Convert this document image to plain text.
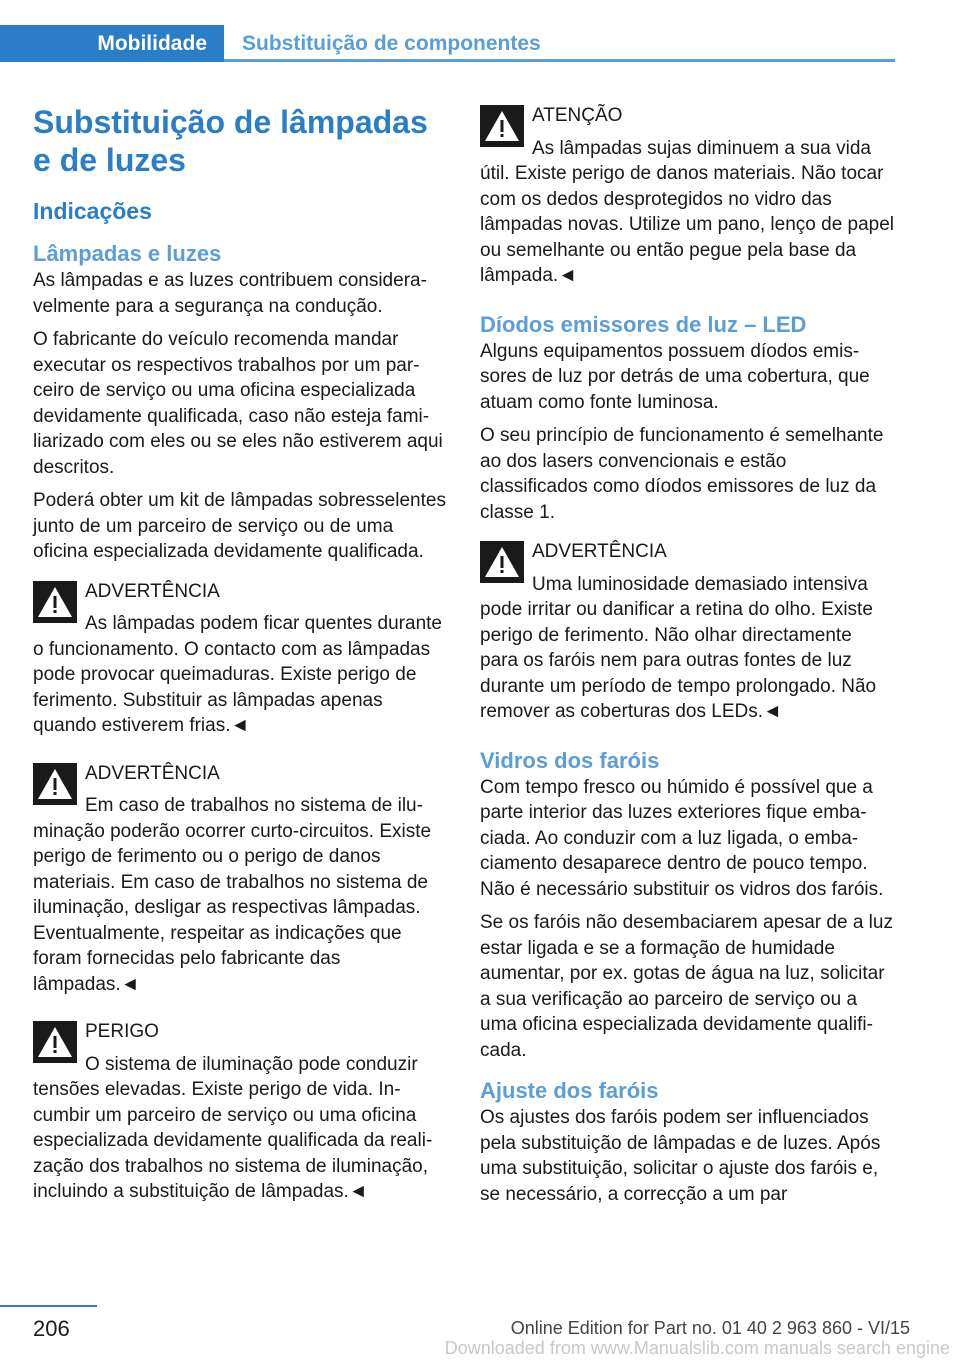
Mobilidade Substituição de componentes
Substituição de lâmpadas e de luzes
Indicações
Lâmpadas e luzes

As lâmpadas e as luzes contribuem consideravelmente para a segurança na condução.

O fabricante do veículo recomenda mandar executar os respectivos trabalhos por um parceiro de serviço ou uma oficina especializada devidamente qualificada, caso não esteja familiarizado com eles ou se eles não estiverem aqui descritos.

Poderá obter um kit de lâmpadas sobresselentes junto de um parceiro de serviço ou de uma oficina especializada devidamente qualificada.

ADVERTÊNCIA

As lâmpadas podem ficar quentes durante o funcionamento. O contacto com as lâmpadas pode provocar queimaduras. Existe perigo de ferimento. Substituir as lâmpadas apenas quando estiverem frias.◄

ADVERTÊNCIA

Em caso de trabalhos no sistema de iluminação poderão ocorrer curto-circuitos. Existe perigo de ferimento ou o perigo de danos materiais. Em caso de trabalhos no sistema de iluminação, desligar as respectivas lâmpadas. Eventualmente, respeitar as indicações que foram fornecidas pelo fabricante das lâmpadas.◄

PERIGO

O sistema de iluminação pode conduzir tensões elevadas. Existe perigo de vida. Incumbir um parceiro de serviço ou uma oficina especializada devidamente qualificada da realização dos trabalhos no sistema de iluminação, incluindo a substituição de lâmpadas.◄

ATENÇÃO

As lâmpadas sujas diminuem a sua vida útil. Existe perigo de danos materiais. Não tocar com os dedos desprotegidos no vidro das lâmpadas novas. Utilize um pano, lenço de papel ou semelhante ou então pegue pela base da lâmpada.◄

Díodos emissores de luz – LED

Alguns equipamentos possuem díodos emissores de luz por detrás de uma cobertura, que atuam como fonte luminosa.

O seu princípio de funcionamento é semelhante ao dos lasers convencionais e estão classificados como díodos emissores de luz da classe 1.

ADVERTÊNCIA

Uma luminosidade demasiado intensiva pode irritar ou danificar a retina do olho. Existe perigo de ferimento. Não olhar directamente para os faróis nem para outras fontes de luz durante um período de tempo prolongado. Não remover as coberturas dos LEDs.◄

Vidros dos faróis

Com tempo fresco ou húmido é possível que a parte interior das luzes exteriores fique embaciada. Ao conduzir com a luz ligada, o embaciamento desaparece dentro de pouco tempo. Não é necessário substituir os vidros dos faróis.

Se os faróis não desembaciarem apesar de a luz estar ligada e se a formação de humidade aumentar, por ex. gotas de água na luz, solicitar a sua verificação ao parceiro de serviço ou a uma oficina especializada devidamente qualificada.

Ajuste dos faróis

Os ajustes dos faróis podem ser influenciados pela substituição de lâmpadas e de luzes. Após uma substituição, solicitar o ajuste dos faróis e, se necessário, a correcção a um par

206	Online Edition for Part no. 01 40 2 963 860 - VI/15
Downloaded from www.Manualslib.com manuals search engine
